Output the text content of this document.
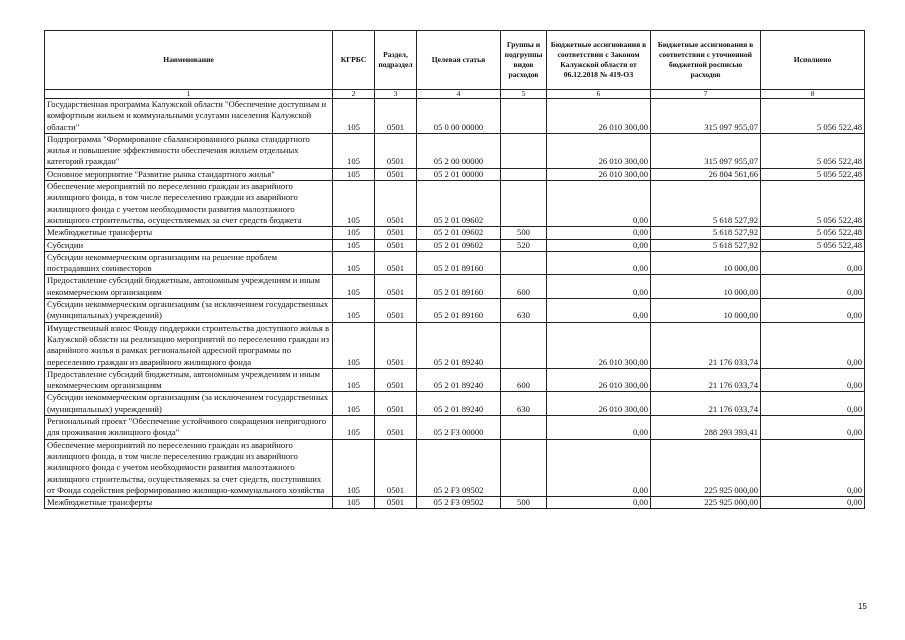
Наименование	КГРБС	Раздел, подраздел	Целевая статья	Группы и подгруппы видов расходов	Бюджетные ассигнования в соответствии с Законом Калужской области от 06.12.2018 № 419-ОЗ	Бюджетные ассигнования в соответствии с уточненной бюджетной росписью расходов	Исполнено
1	2	3	4	5	6	7	8
Государственная программа Калужской области "Обеспечение доступным и комфортным жильем и коммунальными услугами населения Калужской области"	105	0501	05 0 00 00000		26 010 300,00	315 097 955,07	5 056 522,48
Подпрограмма "Формирование сбалансированного рынка стандартного жилья и повышение эффективности обеспечения жильем отдельных категорий граждан"	105	0501	05 2 00 00000		26 010 300,00	315 097 955,07	5 056 522,48
Основное мероприятие "Развитие рынка стандартного жилья"	105	0501	05 2 01 00000		26 010 300,00	26 804 561,66	5 056 522,48
Обеспечение мероприятий по переселению граждан из аварийного жилищного фонда, в том числе переселению граждан из аварийного жилищного фонда с учетом необходимости развития малоэтажного жилищного строительства, осуществляемых за счет средств бюджета	105	0501	05 2 01 09602		0,00	5 618 527,92	5 056 522,48
Межбюджетные трансферты	105	0501	05 2 01 09602	500	0,00	5 618 527,92	5 056 522,48
Субсидии	105	0501	05 2 01 09602	520	0,00	5 618 527,92	5 056 522,48
Субсидии некоммерческим организациям на решение проблем пострадавших соинвесторов	105	0501	05 2 01 89160		0,00	10 000,00	0,00
Предоставление субсидий бюджетным, автономным учреждениям и иным некоммерческим организациям	105	0501	05 2 01 89160	600	0,00	10 000,00	0,00
Субсидии некоммерческим организациям (за исключением государственных (муниципальных) учреждений)	105	0501	05 2 01 89160	630	0,00	10 000,00	0,00
Имущественный взнос Фонду поддержки строительства доступного жилья в Калужской области на реализацию мероприятий по переселению граждан из аварийного жилья в рамках региональной адресной программы по переселению граждан из аварийного жилищного фонда	105	0501	05 2 01 89240		26 010 300,00	21 176 033,74	0,00
Предоставление субсидий бюджетным, автономным учреждениям и иным некоммерческим организациям	105	0501	05 2 01 89240	600	26 010 300,00	21 176 033,74	0,00
Субсидии некоммерческим организациям (за исключением государственных (муниципальных) учреждений)	105	0501	05 2 01 89240	630	26 010 300,00	21 176 033,74	0,00
Региональный проект "Обеспечение устойчивого сокращения непригодного для проживания жилищного фонда"	105	0501	05 2 F3 00000		0,00	288 293 393,41	0,00
Обеспечение мероприятий по переселению граждан из аварийного жилищного фонда, в том числе переселению граждан из аварийного жилищного фонда с учетом необходимости развития малоэтажного жилищного строительства, осуществляемых за счет средств, поступивших от Фонда содействия реформированию жилищно-коммунального хозяйства	105	0501	05 2 F3 09502		0,00	225 925 000,00	0,00
Межбюджетные трансферты	105	0501	05 2 F3 09502	500	0,00	225 925 000,00	0,00
15
